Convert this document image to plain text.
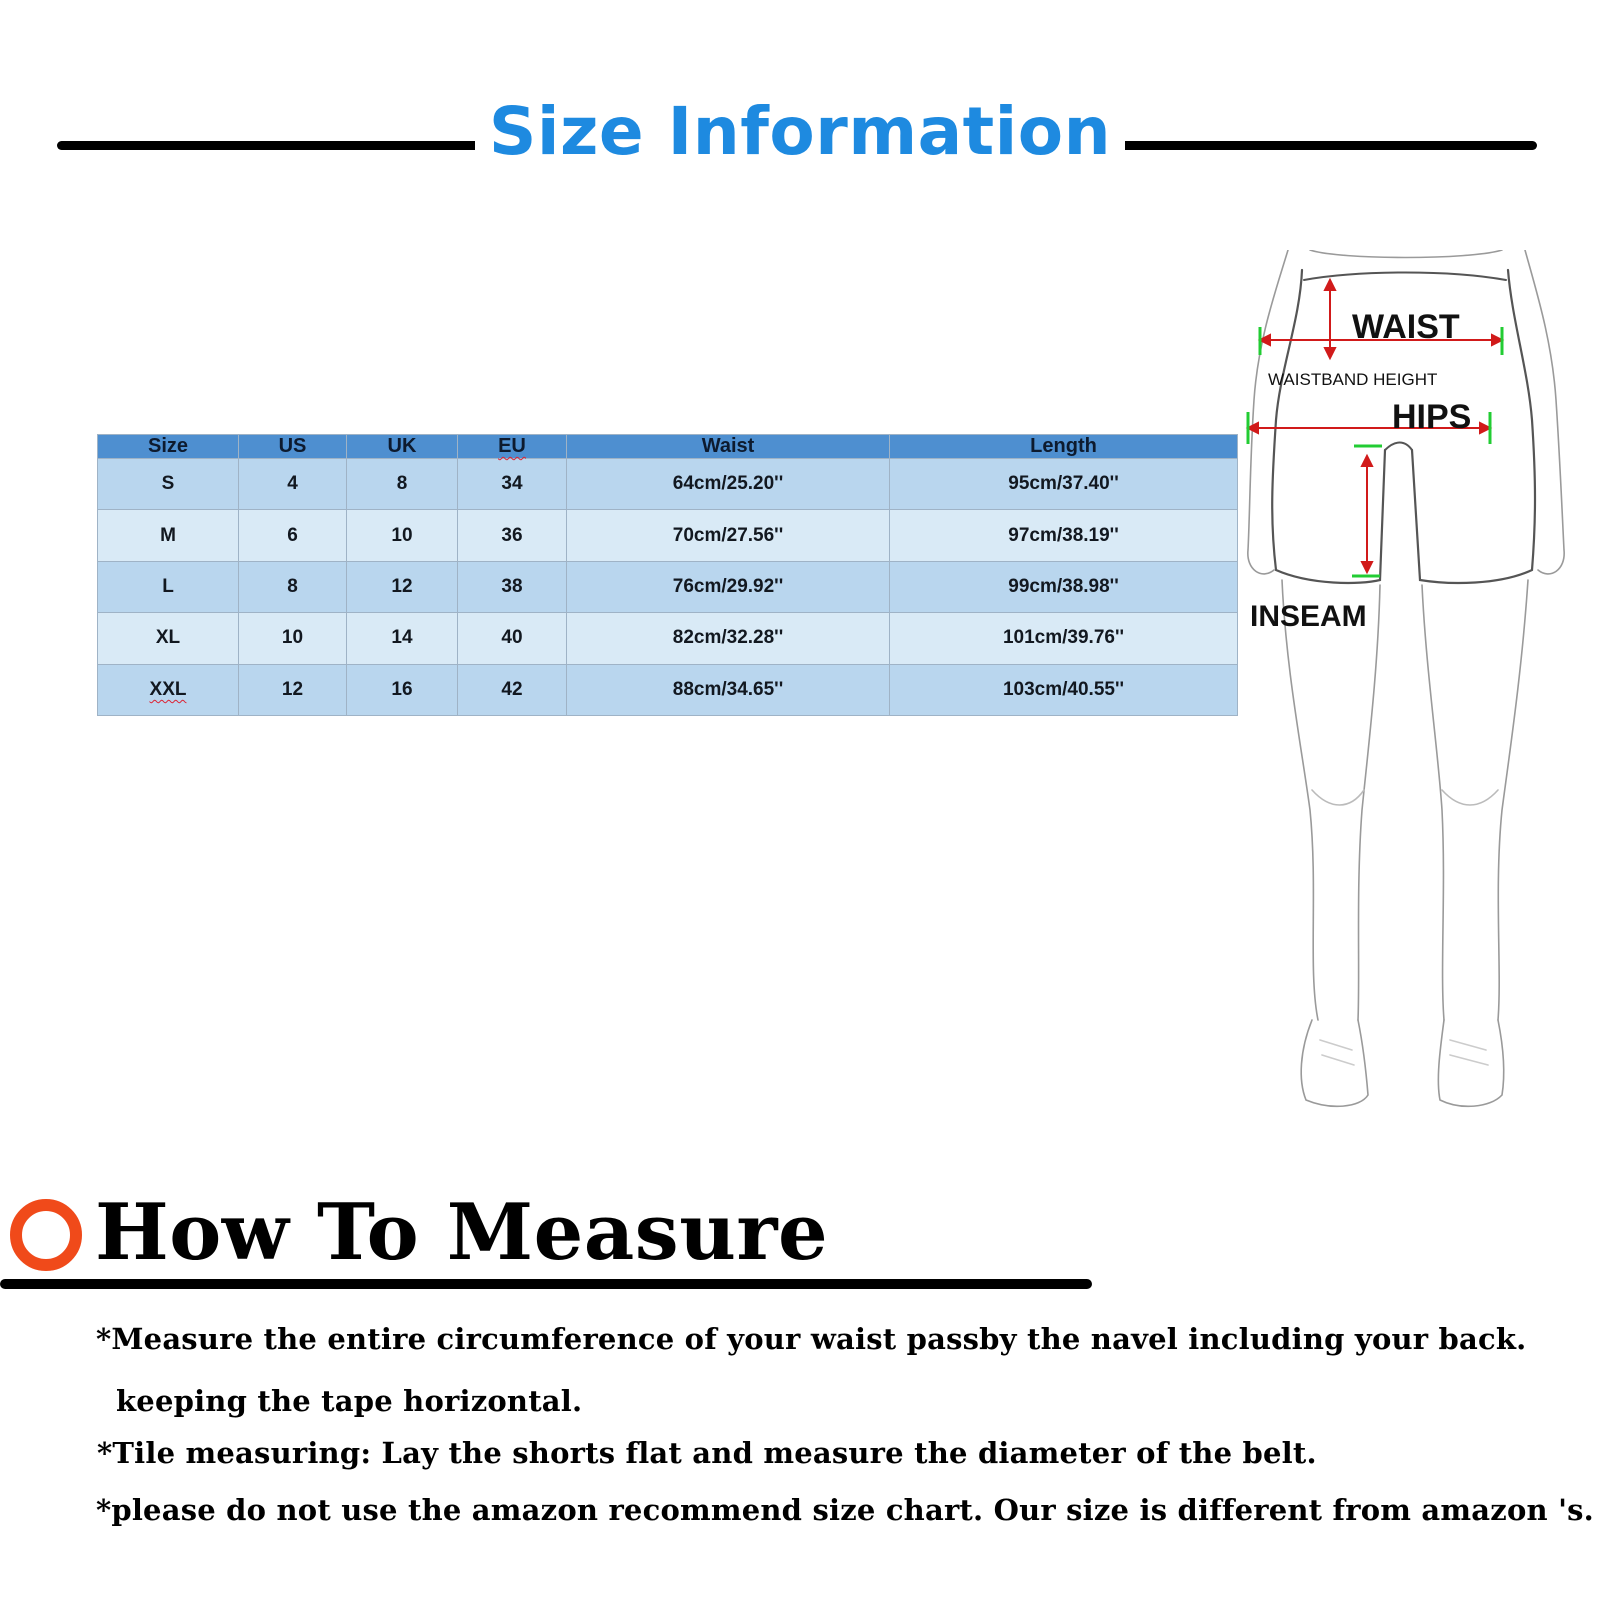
Size Information
Size	US	UK	EU	Waist	Length
S	4	8	34	64cm/25.20''	95cm/37.40''
M	6	10	36	70cm/27.56''	97cm/38.19''
L	8	12	38	76cm/29.92''	99cm/38.98''
XL	10	14	40	82cm/32.28''	101cm/39.76''
XXL	12	16	42	88cm/34.65''	103cm/40.55''
WAIST
WAISTBAND HEIGHT
HIPS
INSEAM
How To Measure
*Measure the entire circumference of your waist passby the navel including your back.
keeping the tape horizontal.
*Tile measuring: Lay the shorts flat and measure the diameter of the belt.
*please do not use the amazon recommend size chart. Our size is different from amazon 's.
